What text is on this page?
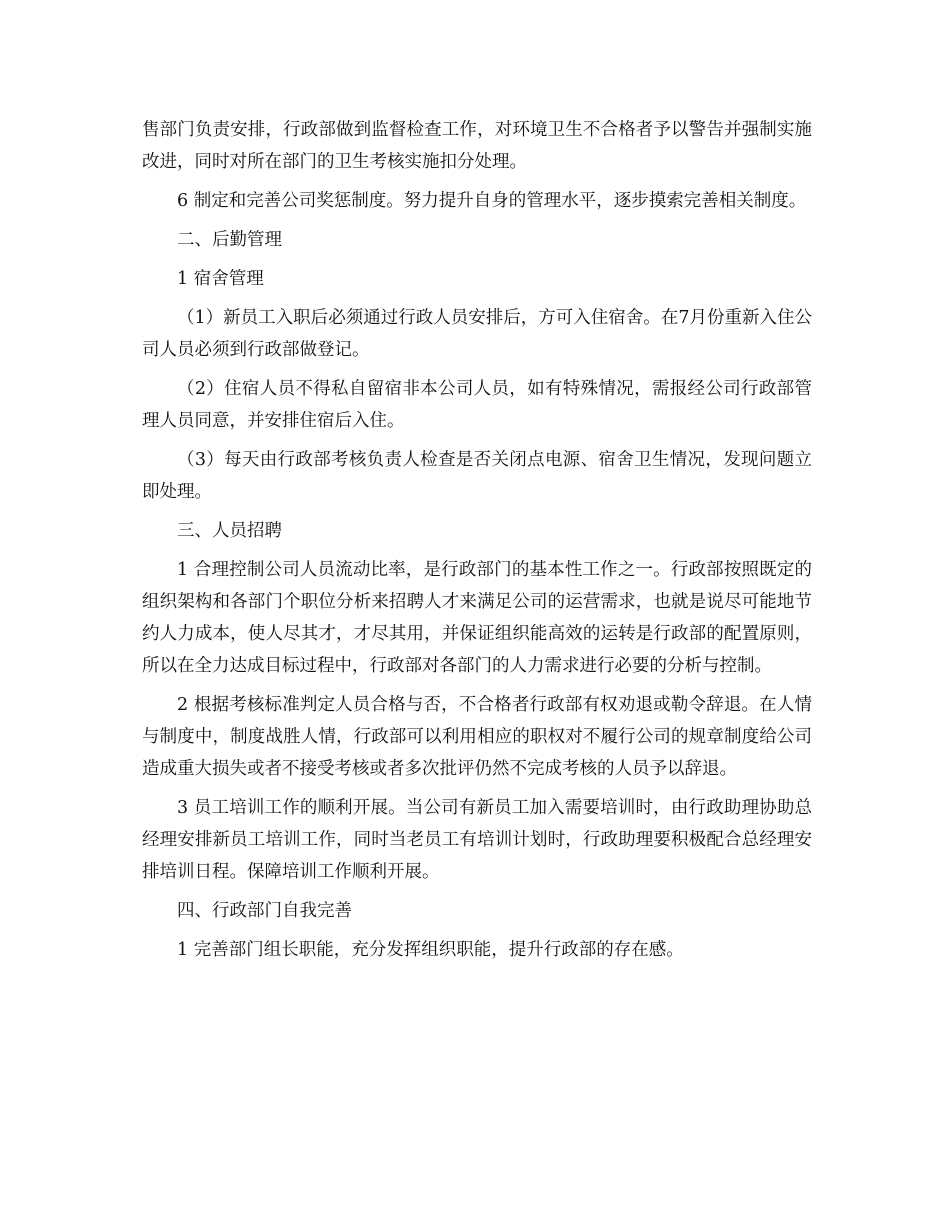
售部门负责安排，行政部做到监督检查工作，对环境卫生不合格者予以警告并强制实施改进，同时对所在部门的卫生考核实施扣分处理。

6 制定和完善公司奖惩制度。努力提升自身的管理水平，逐步摸索完善相关制度。

二、后勤管理

1 宿舍管理

（1）新员工入职后必须通过行政人员安排后，方可入住宿舍。在7月份重新入住公司人员必须到行政部做登记。

（2）住宿人员不得私自留宿非本公司人员，如有特殊情况，需报经公司行政部管理人员同意，并安排住宿后入住。

（3）每天由行政部考核负责人检查是否关闭点电源、宿舍卫生情况，发现问题立即处理。

三、人员招聘

1 合理控制公司人员流动比率，是行政部门的基本性工作之一。行政部按照既定的组织架构和各部门个职位分析来招聘人才来满足公司的运营需求，也就是说尽可能地节约人力成本，使人尽其才，才尽其用，并保证组织能高效的运转是行政部的配置原则，所以在全力达成目标过程中，行政部对各部门的人力需求进行必要的分析与控制。

2 根据考核标准判定人员合格与否，不合格者行政部有权劝退或勒令辞退。在人情与制度中，制度战胜人情，行政部可以利用相应的职权对不履行公司的规章制度给公司造成重大损失或者不接受考核或者多次批评仍然不完成考核的人员予以辞退。

3 员工培训工作的顺利开展。当公司有新员工加入需要培训时，由行政助理协助总经理安排新员工培训工作，同时当老员工有培训计划时，行政助理要积极配合总经理安排培训日程。保障培训工作顺利开展。

四、行政部门自我完善

1 完善部门组长职能，充分发挥组织职能，提升行政部的存在感。
